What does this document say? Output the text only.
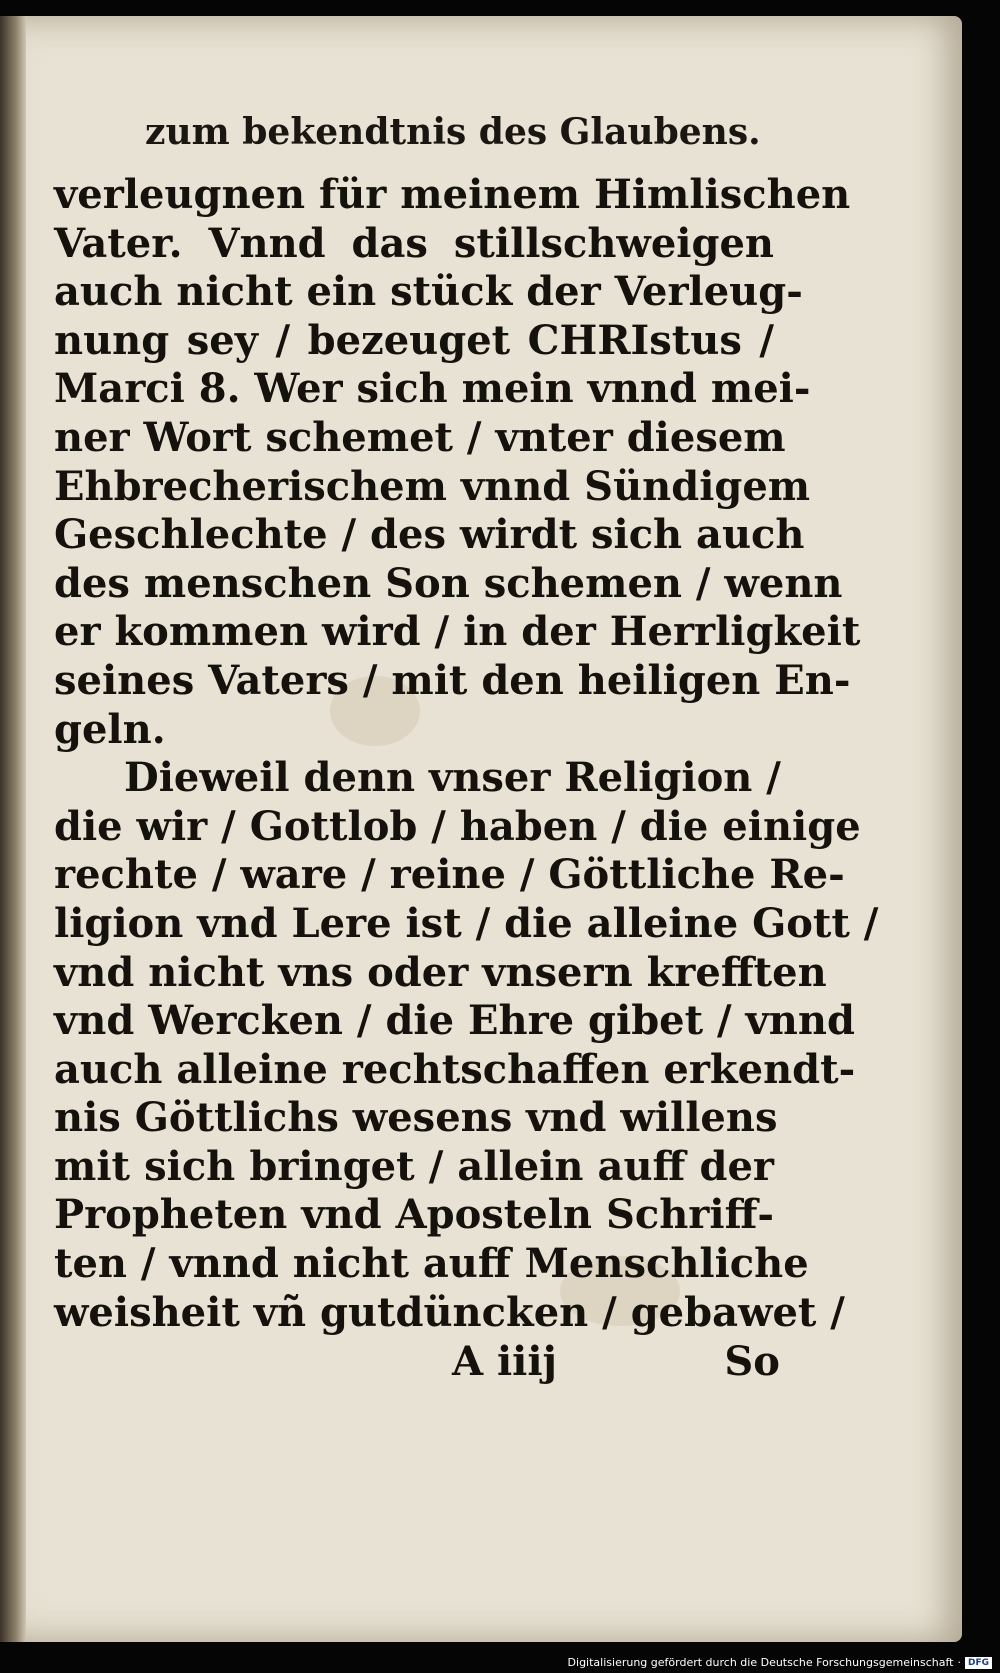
zum bekendtnis des Glaubens.
verleugnen für meinem Himlischen
Vater. Vnnd das stillschweigen
auch nicht ein stück der Verleug-
nung sey / bezeuget CHRIstus /
Marci 8. Wer sich mein vnnd mei-
ner Wort schemet / vnter diesem
Ehbrecherischem vnnd Sündigem
Geschlechte / des wirdt sich auch
des menschen Son schemen / wenn
er kommen wird / in der Herrligkeit
seines Vaters / mit den heiligen En-
geln.
Dieweil denn vnser Religion /
die wir / Gottlob / haben / die einige
rechte / ware / reine / Göttliche Re-
ligion vnd Lere ist / die alleine Gott /
vnd nicht vns oder vnsern krefften
vnd Wercken / die Ehre gibet / vnnd
auch alleine rechtschaffen erkendt-
nis Göttlichs wesens vnd willens
mit sich bringet / allein auff der
Propheten vnd Aposteln Schriff-
ten / vnnd nicht auff Menschliche
weisheit vñ gutdüncken / gebawet /
A iiij	So
Digitalisierung gefördert durch die Deutsche Forschungsgemeinschaft · DFG
